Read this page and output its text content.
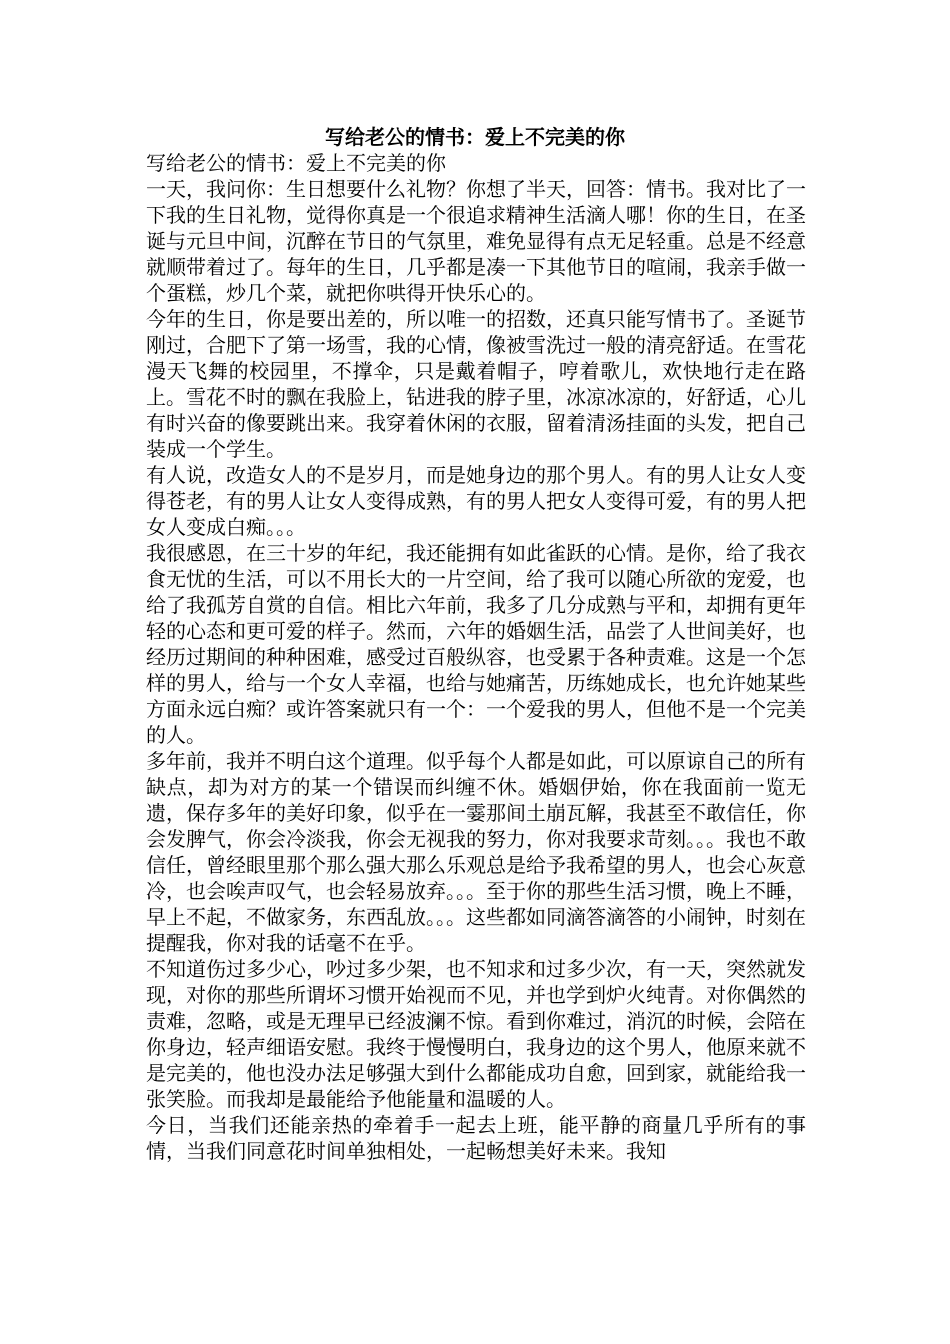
写给老公的情书：爱上不完美的你

写给老公的情书：爱上不完美的你

一天，我问你：生日想要什么礼物？你想了半天，回答：情书。我对比了一下我的生日礼物，觉得你真是一个很追求精神生活滴人哪！你的生日，在圣诞与元旦中间，沉醉在节日的气氛里，难免显得有点无足轻重。总是不经意就顺带着过了。每年的生日，几乎都是凑一下其他节日的喧闹，我亲手做一个蛋糕，炒几个菜，就把你哄得开快乐心的。

今年的生日，你是要出差的，所以唯一的招数，还真只能写情书了。圣诞节刚过，合肥下了第一场雪，我的心情，像被雪洗过一般的清亮舒适。在雪花漫天飞舞的校园里，不撑伞，只是戴着帽子，哼着歌儿，欢快地行走在路上。雪花不时的飘在我脸上，钻进我的脖子里，冰凉冰凉的，好舒适，心儿有时兴奋的像要跳出来。我穿着休闲的衣服，留着清汤挂面的头发，把自己装成一个学生。

有人说，改造女人的不是岁月，而是她身边的那个男人。有的男人让女人变得苍老，有的男人让女人变得成熟，有的男人把女人变得可爱，有的男人把女人变成白痴。。。

我很感恩，在三十岁的年纪，我还能拥有如此雀跃的心情。是你，给了我衣食无忧的生活，可以不用长大的一片空间，给了我可以随心所欲的宠爱，也给了我孤芳自赏的自信。相比六年前，我多了几分成熟与平和，却拥有更年轻的心态和更可爱的样子。然而，六年的婚姻生活，品尝了人世间美好，也经历过期间的种种困难，感受过百般纵容，也受累于各种责难。这是一个怎样的男人，给与一个女人幸福，也给与她痛苦，历练她成长，也允许她某些方面永远白痴？或许答案就只有一个：一个爱我的男人，但他不是一个完美的人。

多年前，我并不明白这个道理。似乎每个人都是如此，可以原谅自己的所有缺点，却为对方的某一个错误而纠缠不休。婚姻伊始，你在我面前一览无遗，保存多年的美好印象，似乎在一霎那间土崩瓦解，我甚至不敢信任，你会发脾气，你会冷淡我，你会无视我的努力，你对我要求苛刻。。。我也不敢信任，曾经眼里那个那么强大那么乐观总是给予我希望的男人，也会心灰意冷，也会唉声叹气，也会轻易放弃。。。至于你的那些生活习惯，晚上不睡，早上不起，不做家务，东西乱放。。。这些都如同滴答滴答的小闹钟，时刻在提醒我，你对我的话毫不在乎。

不知道伤过多少心，吵过多少架，也不知求和过多少次，有一天，突然就发现，对你的那些所谓坏习惯开始视而不见，并也学到炉火纯青。对你偶然的责难，忽略，或是无理早已经波澜不惊。看到你难过，消沉的时候，会陪在你身边，轻声细语安慰。我终于慢慢明白，我身边的这个男人，他原来就不是完美的，他也没办法足够强大到什么都能成功自愈，回到家，就能给我一张笑脸。而我却是最能给予他能量和温暖的人。

今日，当我们还能亲热的牵着手一起去上班，能平静的商量几乎所有的事情，当我们同意花时间单独相处，一起畅想美好未来。我知
